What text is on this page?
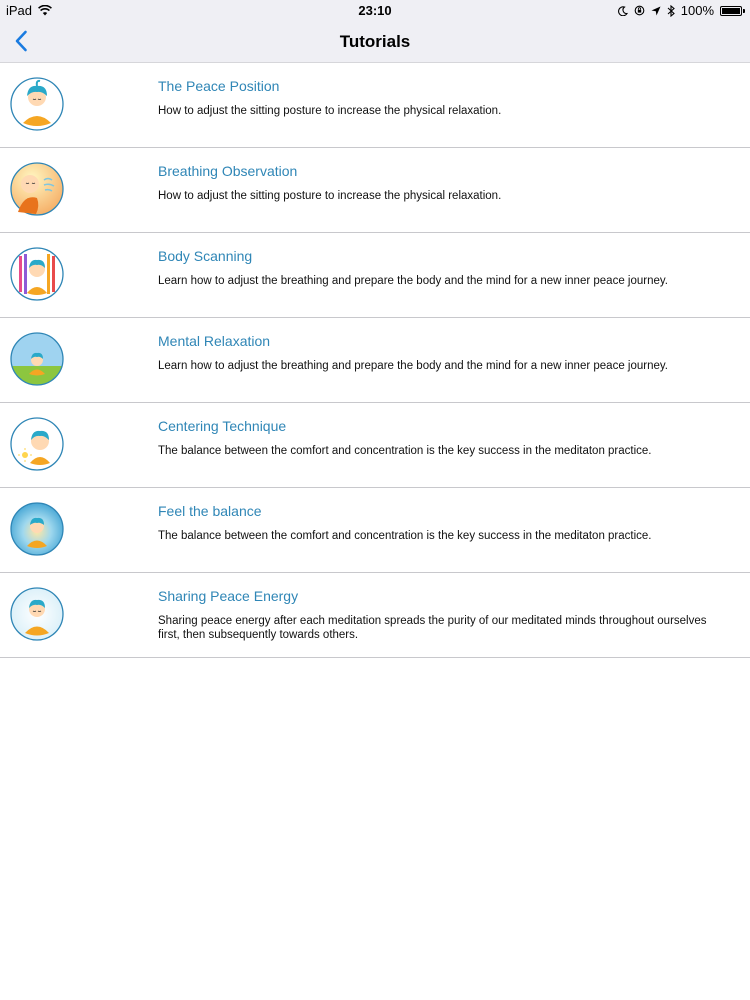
iPad	23:10	100%
Tutorials
The Peace Position
How to adjust the sitting posture to increase the physical relaxation.
Breathing Observation
How to adjust the sitting posture to increase the physical relaxation.
Body Scanning
Learn how to adjust the breathing and prepare the body and the mind for a new inner peace journey.
Mental Relaxation
Learn how to adjust the breathing and prepare the body and the mind for a new inner peace journey.
Centering Technique
The balance between the comfort and concentration is the key success in the meditaton practice.
Feel the balance
The balance between the comfort and concentration is the key success in the meditaton practice.
Sharing Peace Energy
Sharing peace energy after each meditation spreads the purity of our meditated minds throughout ourselves first, then subsequently towards others.
